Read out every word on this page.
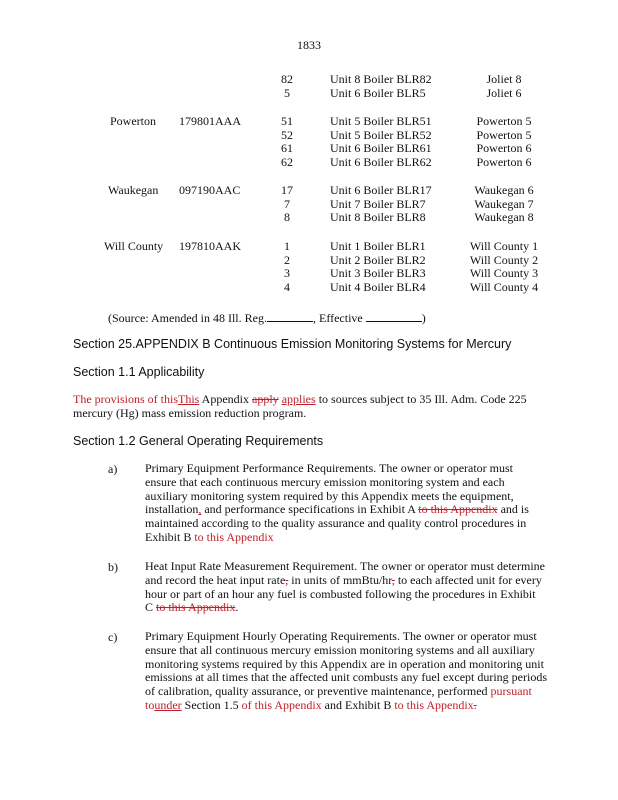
1833
82	Unit 8 Boiler BLR82	Joliet 8
5	Unit 6 Boiler BLR5	Joliet 6
Powerton 179801AAA	51	Unit 5 Boiler BLR51	Powerton 5
52	Unit 5 Boiler BLR52	Powerton 5
61	Unit 6 Boiler BLR61	Powerton 6
62	Unit 6 Boiler BLR62	Powerton 6
Waukegan 097190AAC	17	Unit 6 Boiler BLR17	Waukegan 6
7	Unit 7 Boiler BLR7	Waukegan 7
8	Unit 8 Boiler BLR8	Waukegan 8
Will County 197810AAK	1	Unit 1 Boiler BLR1	Will County 1
2	Unit 2 Boiler BLR2	Will County 2
3	Unit 3 Boiler BLR3	Will County 3
4	Unit 4 Boiler BLR4	Will County 4
(Source: Amended in 48 Ill. Reg.	, Effective	)
Section 25.APPENDIX B Continuous Emission Monitoring Systems for Mercury
Section 1.1 Applicability
The provisions of thisThis Appendix apply applies to sources subject to 35 Ill. Adm. Code 225 mercury (Hg) mass emission reduction program.
Section 1.2 General Operating Requirements
a) Primary Equipment Performance Requirements. The owner or operator must ensure that each continuous mercury emission monitoring system and each auxiliary monitoring system required by this Appendix meets the equipment, installation, and performance specifications in Exhibit A to this Appendix and is maintained according to the quality assurance and quality control procedures in Exhibit B to this Appendix
b) Heat Input Rate Measurement Requirement. The owner or operator must determine and record the heat input rate, in units of mmBtu/hr, to each affected unit for every hour or part of an hour any fuel is combusted following the procedures in Exhibit C to this Appendix.
c) Primary Equipment Hourly Operating Requirements. The owner or operator must ensure that all continuous mercury emission monitoring systems and all auxiliary monitoring systems required by this Appendix are in operation and monitoring unit emissions at all times that the affected unit combusts any fuel except during periods of calibration, quality assurance, or preventive maintenance, performed pursuant tounder Section 1.5 of this Appendix and Exhibit B to this Appendix.
